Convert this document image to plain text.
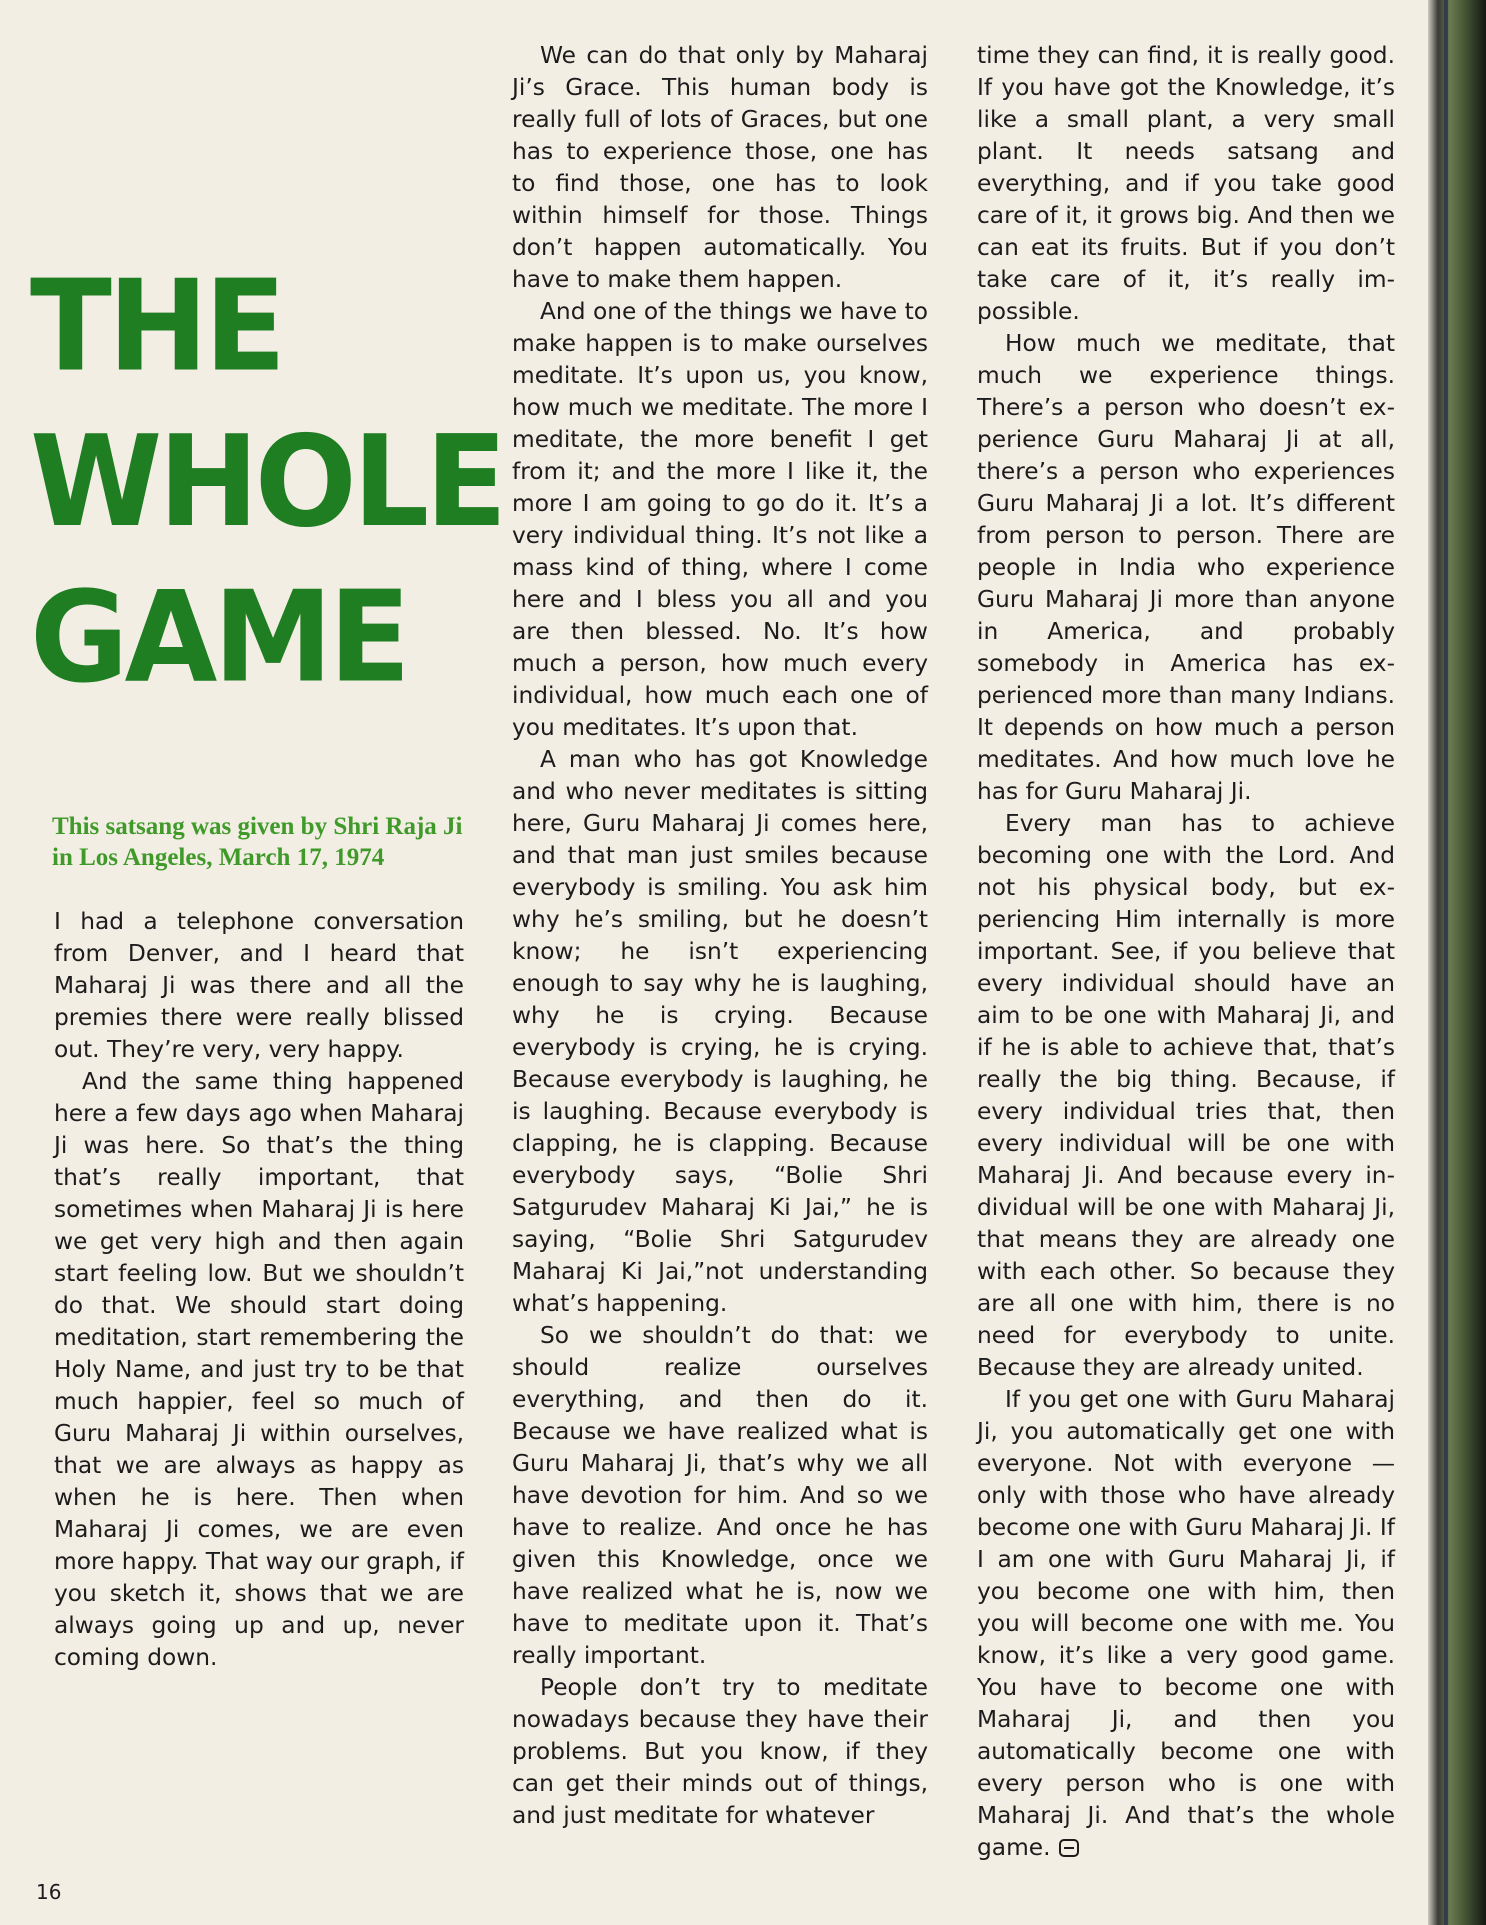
THE
WHOLE
GAME
This satsang was given by Shri Raja Ji in Los Angeles, March 17, 1974

I had a telephone conversation from Denver, and I heard that Maharaj Ji was there and all the premies there were really blissed out. They’re very, very happy.

And the same thing happened here a few days ago when Maharaj Ji was here. So that’s the thing that’s really important, that sometimes when Maharaj Ji is here we get very high and then again start feeling low. But we shouldn’t do that. We should start doing meditation, start remembering the Holy Name, and just try to be that much happier, feel so much of Guru Maharaj Ji within ourselves, that we are always as happy as when he is here. Then when Maharaj Ji comes, we are even more happy. That way our graph, if you sketch it, shows that we are always going up and up, never coming down.

We can do that only by Maharaj Ji’s Grace. This human body is really full of lots of Graces, but one has to experience those, one has to find those, one has to look within himself for those. Things don’t happen automatically. You have to make them happen.

And one of the things we have to make happen is to make ourselves meditate. It’s upon us, you know, how much we meditate. The more I meditate, the more benefit I get from it; and the more I like it, the more I am going to go do it. It’s a very individual thing. It’s not like a mass kind of thing, where I come here and I bless you all and you are then blessed. No. It’s how much a person, how much every individual, how much each one of you meditates. It’s upon that.

A man who has got Knowledge and who never meditates is sitting here, Guru Maharaj Ji comes here, and that man just smiles because everybody is smiling. You ask him why he’s smiling, but he doesn’t know; he isn’t experiencing enough to say why he is laughing, why he is crying. Because everybody is crying, he is crying. Because everybody is laughing, he is laughing. Because everybody is clapping, he is clapping. Because everybody says, “Bolie Shri Satgurudev Maharaj Ki Jai,” he is saying, “Bolie Shri Satgurudev Maharaj Ki Jai,”not understanding what’s happening.

So we shouldn’t do that: we should realize ourselves everything, and then do it. Because we have realized what is Guru Maharaj Ji, that’s why we all have devotion for him. And so we have to realize. And once he has given this Knowledge, once we have realized what he is, now we have to meditate upon it. That’s really important.

People don’t try to meditate nowadays because they have their problems. But you know, if they can get their minds out of things, and just meditate for whatever

time they can find, it is really good. If you have got the Knowledge, it’s like a small plant, a very small plant. It needs satsang and everything, and if you take good care of it, it grows big. And then we can eat its fruits. But if you don’t take care of it, it’s really impossible.

How much we meditate, that much we experience things. There’s a person who doesn’t experience Guru Maharaj Ji at all, there’s a person who experiences Guru Maharaj Ji a lot. It’s different from person to person. There are people in India who experience Guru Maharaj Ji more than anyone in America, and probably somebody in America has experienced more than many Indians. It depends on how much a person meditates. And how much love he has for Guru Maharaj Ji.

Every man has to achieve becoming one with the Lord. And not his physical body, but experiencing Him internally is more important. See, if you believe that every individual should have an aim to be one with Maharaj Ji, and if he is able to achieve that, that’s really the big thing. Because, if every individual tries that, then every individual will be one with Maharaj Ji. And because every individual will be one with Maharaj Ji, that means they are already one with each other. So because they are all one with him, there is no need for everybody to unite. Because they are already united.

If you get one with Guru Maharaj Ji, you automatically get one with everyone. Not with everyone — only with those who have already become one with Guru Maharaj Ji. If I am one with Guru Maharaj Ji, if you become one with him, then you will become one with me. You know, it’s like a very good game. You have to become one with Maharaj Ji, and then you automatically become one with every person who is one with Maharaj Ji. And that’s the whole game.

16
